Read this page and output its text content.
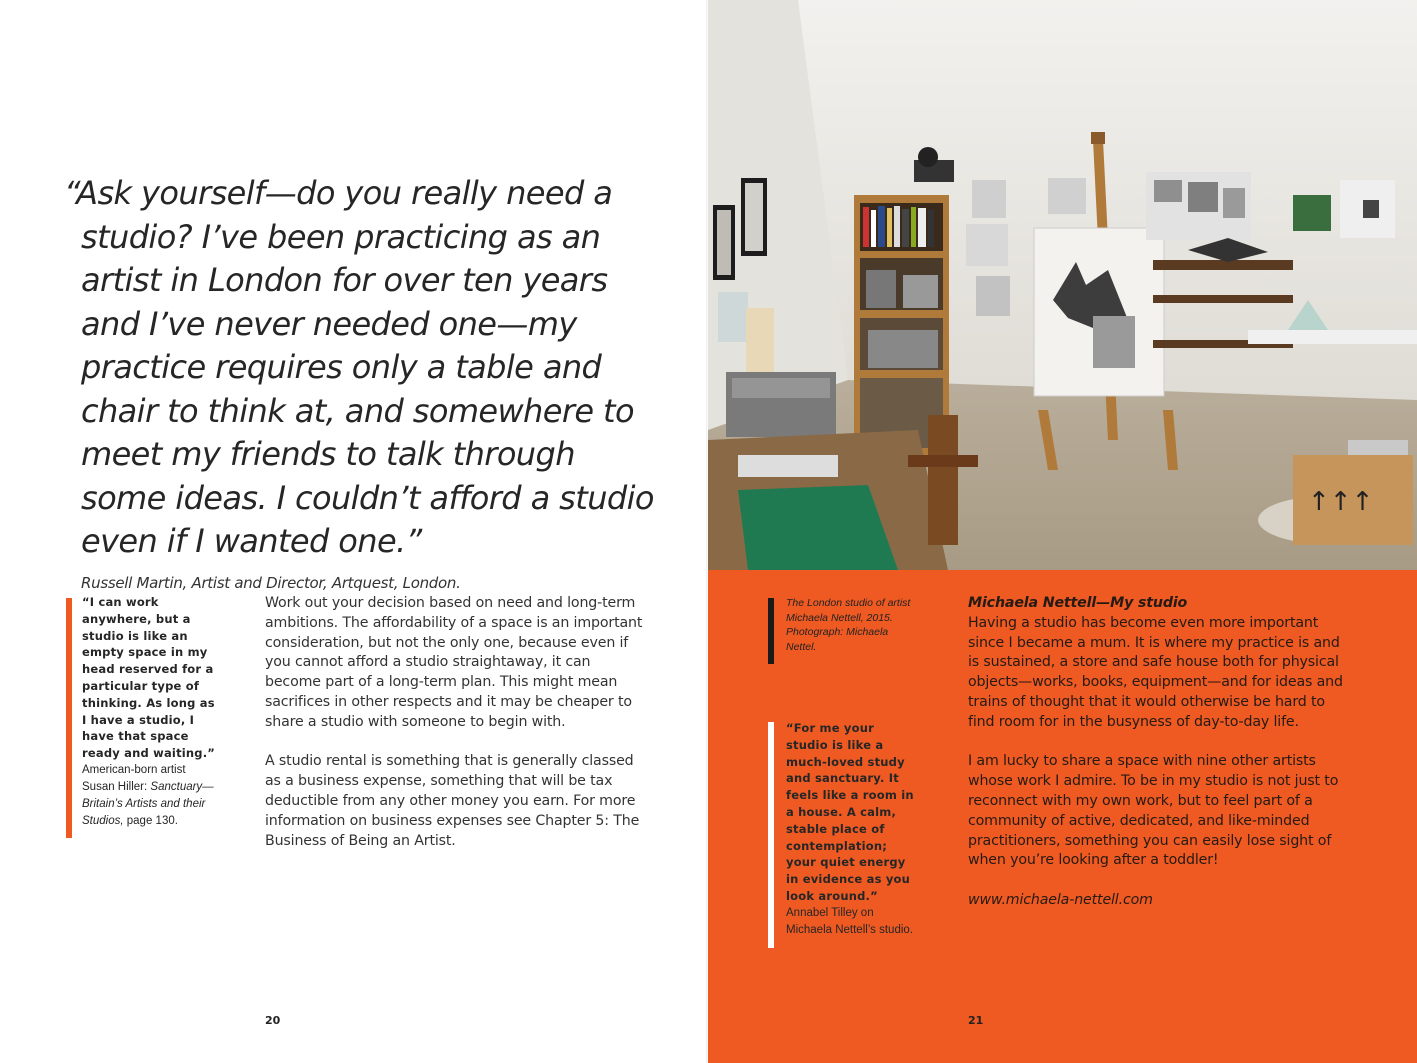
“Ask yourself—do you really need a studio? I’ve been practicing as an artist in London for over ten years and I’ve never needed one—my practice requires only a table and chair to think at, and somewhere to meet my friends to talk through some ideas. I couldn’t afford a studio even if I wanted one.”
Russell Martin, Artist and Director, Artquest, London.
“I can work anywhere, but a studio is like an empty space in my head reserved for a particular type of thinking. As long as I have a studio, I have that space ready and waiting.”
American-born artist Susan Hiller: Sanctuary—Britain’s Artists and their Studios, page 130.

Work out your decision based on need and long-term ambitions. The affordability of a space is an important consideration, but not the only one, because even if you cannot afford a studio straightaway, it can become part of a long-term plan. This might mean sacrifices in other respects and it may be cheaper to share a studio with someone to begin with.

A studio rental is something that is generally classed as a business expense, something that will be tax deductible from any other money you earn. For more information on business expenses see Chapter 5: The Business of Being an Artist.

20
↑↑↑
The London studio of artist Michaela Nettell, 2015. Photograph: Michaela Nettel.
“For me your studio is like a much-loved study and sanctuary. It feels like a room in a house. A calm, stable place of contemplation; your quiet energy in evidence as you look around.”
Annabel Tilley on Michaela Nettell’s studio.
Michaela Nettell—My studio

Having a studio has become even more important since I became a mum. It is where my practice is and is sustained, a store and safe house both for physical objects—works, books, equipment—and for ideas and trains of thought that it would otherwise be hard to find room for in the busyness of day-to-day life.

I am lucky to share a space with nine other artists whose work I admire. To be in my studio is not just to reconnect with my own work, but to feel part of a community of active, dedicated, and like-minded practitioners, something you can easily lose sight of when you’re looking after a toddler!

www.michaela-nettell.com

21
